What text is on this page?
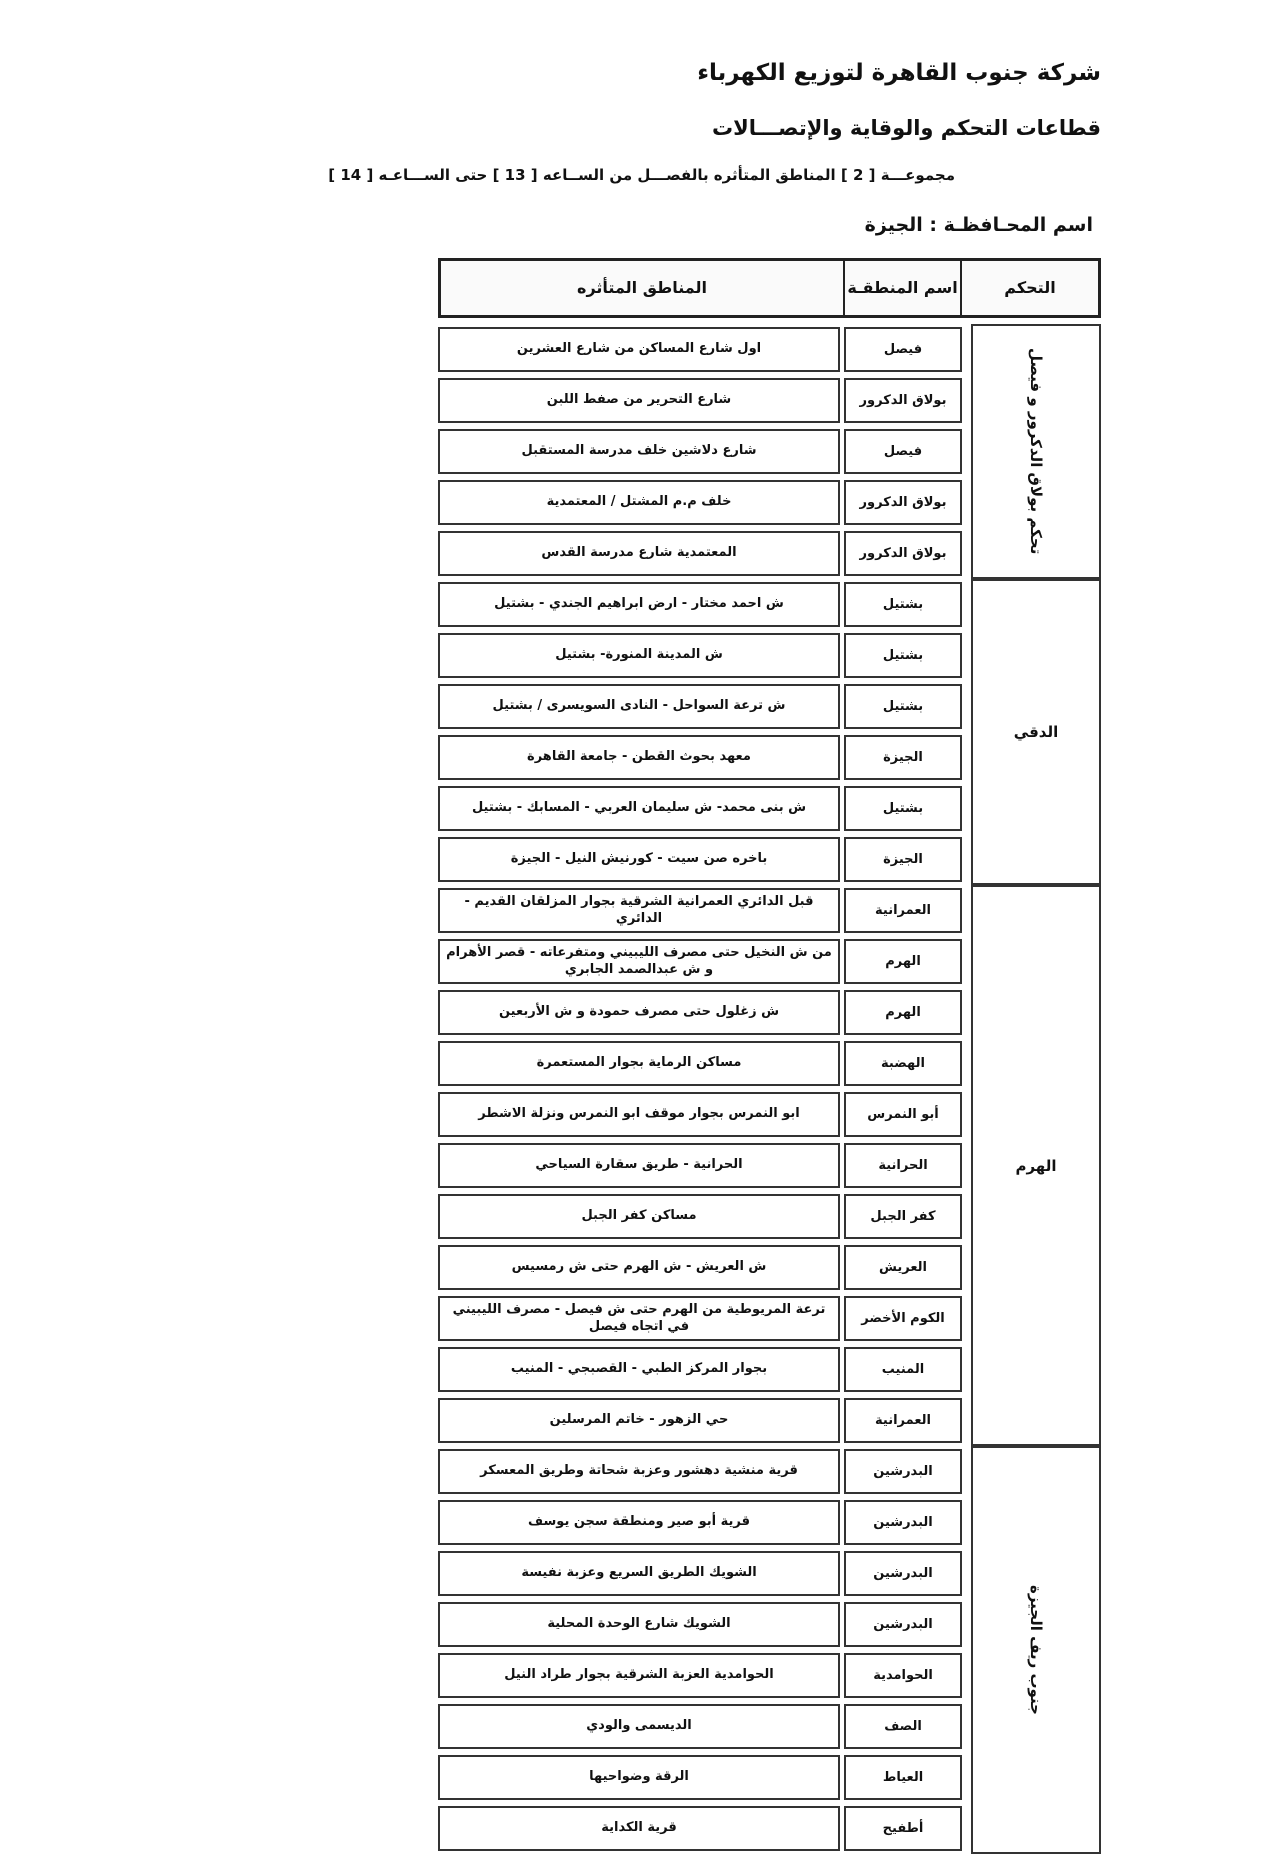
شركة جنوب القاهرة لتوزيع الكهرباء
قطاعات التحكم والوقاية والإتصـــالات
مجموعـــة [ 2 ] المناطق المتأثره بالفصـــل من الســاعه [ 13 ] حتى الســـاعـه [ 14 ]
اسم المحـافظـة : الجيزة
المناطق المتأثره	اسم المنطقـة	التحكم
تحكم بولاق الدكرور و فيصل
اول شارع المساكن من شارع العشرين	فيصل
شارع التحرير من صفط اللبن	بولاق الدكرور
شارع دلاشين خلف مدرسة المستقبل	فيصل
خلف م.م المشتل / المعتمدية	بولاق الدكرور
المعتمدية شارع مدرسة القدس	بولاق الدكرور
الدقي
ش احمد مختار - ارض ابراهيم الجندي - بشتيل	بشتيل
ش المدينة المنورة- بشتيل	بشتيل
ش ترعة السواحل - النادى السويسرى / بشتيل	بشتيل
معهد بحوث القطن - جامعة القاهرة	الجيزة
ش بنى محمد- ش سليمان العربي - المسابك - بشتيل	بشتيل
باخره صن سيت - كورنيش النيل - الجيزة	الجيزة
الهرم
قبل الدائري العمرانية الشرقية بجوار المزلقان القديم - الدائري	العمرانية
من ش النخيل حتى مصرف الليبيني ومتفرعاته - قصر الأهرام و ش عبدالصمد الجابري	الهرم
ش زغلول حتى مصرف حمودة و ش الأربعين	الهرم
مساكن الرماية بجوار المستعمرة	الهضبة
ابو النمرس بجوار موقف ابو النمرس ونزلة الاشطر	أبو النمرس
الحرانية - طريق سقارة السياحي	الحرانية
مساكن كفر الجبل	كفر الجبل
ش العريش - ش الهرم حتى ش رمسيس	العريش
ترعة المريوطية من الهرم حتى ش فيصل - مصرف الليبيني في اتجاه فيصل	الكوم الأخضر
بجوار المركز الطبي - القصبجي - المنيب	المنيب
حي الزهور - خاتم المرسلين	العمرانية
جنوب ريف الجيزة
قرية منشية دهشور وعزبة شحاتة وطريق المعسكر	البدرشين
قرية أبو صير ومنطقة سجن يوسف	البدرشين
الشويك الطريق السريع وعزبة نفيسة	البدرشين
الشويك شارع الوحدة المحلية	البدرشين
الحوامدية العزبة الشرقية بجوار طراد النيل	الحوامدية
الديسمى والودي	الصف
الرقة وضواحيها	العياط
قرية الكداية	أطفيح
